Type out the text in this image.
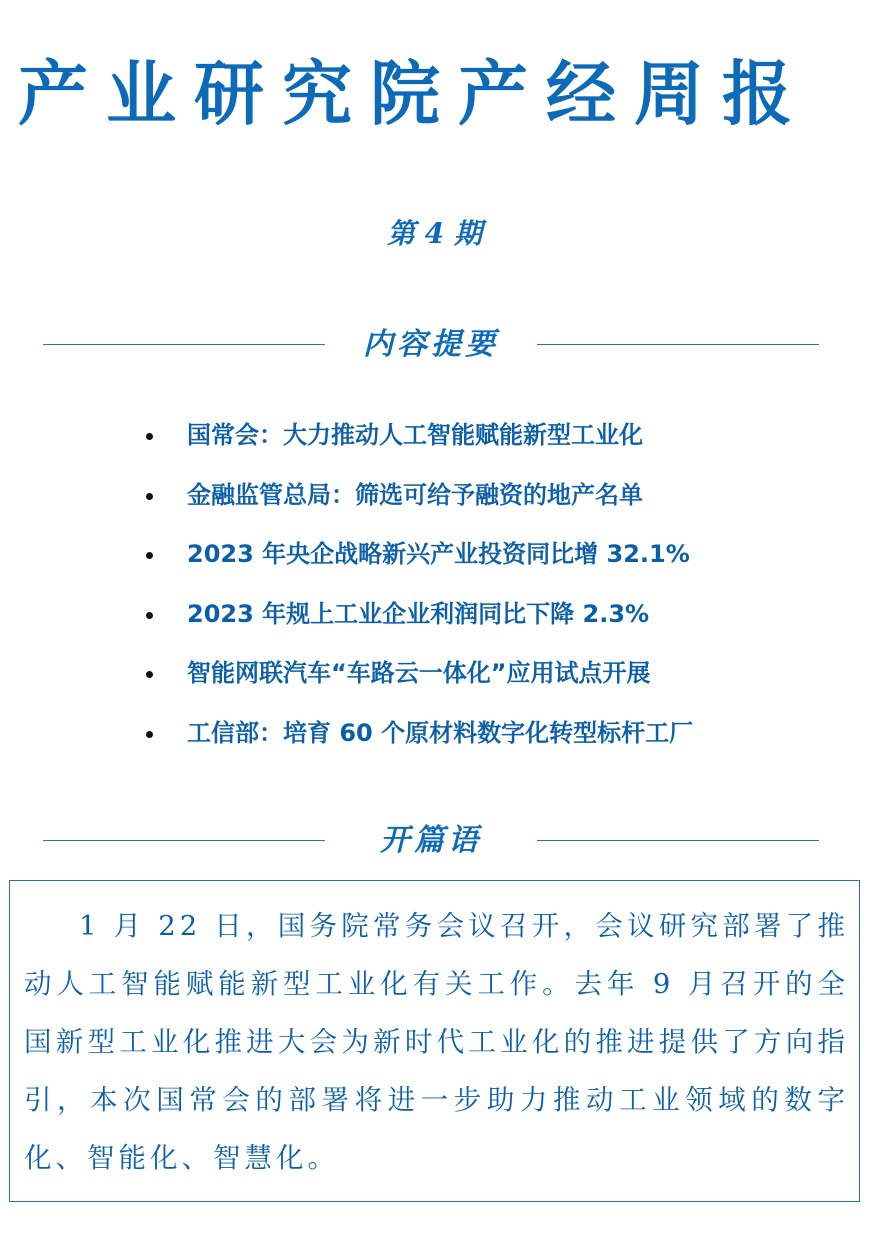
产业研究院产经周报
第 4 期
内容提要
国常会：大力推动人工智能赋能新型工业化
金融监管总局：筛选可给予融资的地产名单
2023 年央企战略新兴产业投资同比增 32.1%
2023 年规上工业企业利润同比下降 2.3%
智能网联汽车“车路云一体化”应用试点开展
工信部：培育 60 个原材料数字化转型标杆工厂
开篇语

1 月 22 日，国务院常务会议召开，会议研究部署了推动人工智能赋能新型工业化有关工作。去年 9 月召开的全国新型工业化推进大会为新时代工业化的推进提供了方向指引，本次国常会的部署将进一步助力推动工业领域的数字化、智能化、智慧化。
